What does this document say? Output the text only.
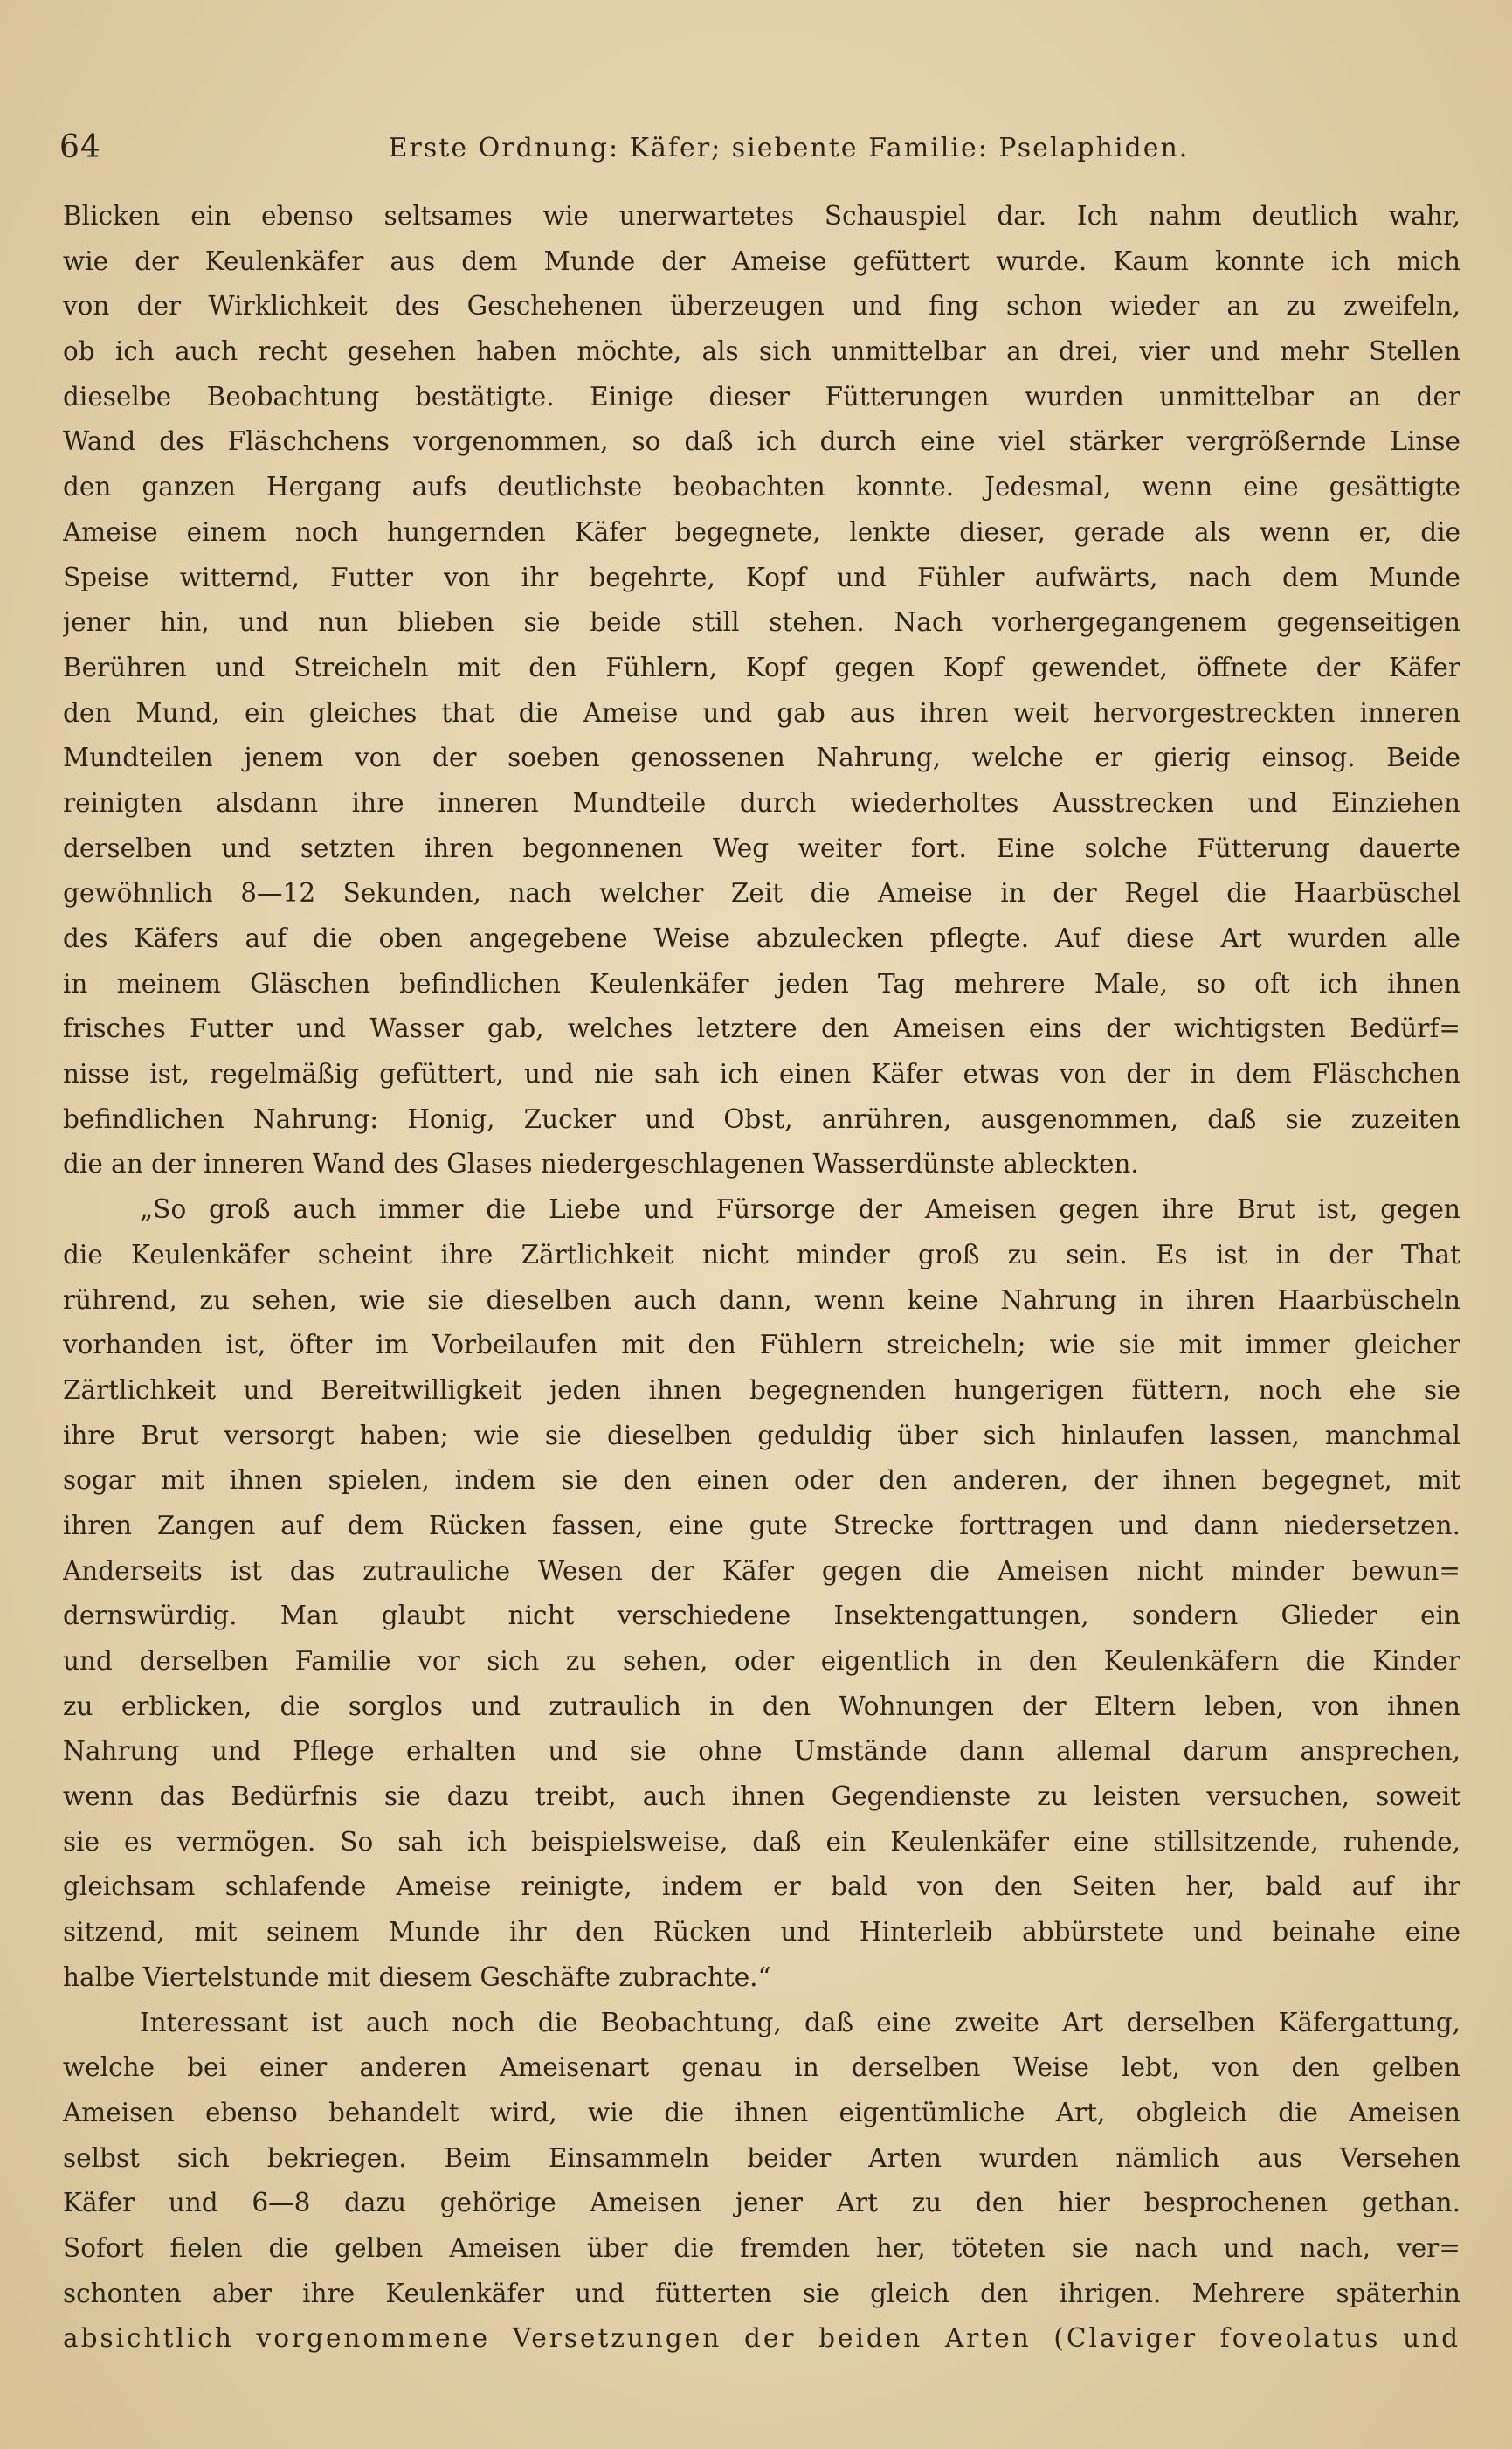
64	Erste Ordnung: Käfer; siebente Familie: Pselaphiden.
Blicken ein ebenso seltsames wie unerwartetes Schauspiel dar. Ich nahm deutlich wahr,
wie der Keulenkäfer aus dem Munde der Ameise gefüttert wurde. Kaum konnte ich mich
von der Wirklichkeit des Geschehenen überzeugen und fing schon wieder an zu zweifeln,
ob ich auch recht gesehen haben möchte, als sich unmittelbar an drei, vier und mehr Stellen
dieselbe Beobachtung bestätigte. Einige dieser Fütterungen wurden unmittelbar an der
Wand des Fläschchens vorgenommen, so daß ich durch eine viel stärker vergrößernde Linse
den ganzen Hergang aufs deutlichste beobachten konnte. Jedesmal, wenn eine gesättigte
Ameise einem noch hungernden Käfer begegnete, lenkte dieser, gerade als wenn er, die
Speise witternd, Futter von ihr begehrte, Kopf und Fühler aufwärts, nach dem Munde
jener hin, und nun blieben sie beide still stehen. Nach vorhergegangenem gegenseitigen
Berühren und Streicheln mit den Fühlern, Kopf gegen Kopf gewendet, öffnete der Käfer
den Mund, ein gleiches that die Ameise und gab aus ihren weit hervorgestreckten inneren
Mundteilen jenem von der soeben genossenen Nahrung, welche er gierig einsog. Beide
reinigten alsdann ihre inneren Mundteile durch wiederholtes Ausstrecken und Einziehen
derselben und setzten ihren begonnenen Weg weiter fort. Eine solche Fütterung dauerte
gewöhnlich 8—12 Sekunden, nach welcher Zeit die Ameise in der Regel die Haarbüschel
des Käfers auf die oben angegebene Weise abzulecken pflegte. Auf diese Art wurden alle
in meinem Gläschen befindlichen Keulenkäfer jeden Tag mehrere Male, so oft ich ihnen
frisches Futter und Wasser gab, welches letztere den Ameisen eins der wichtigsten Bedürf=
nisse ist, regelmäßig gefüttert, und nie sah ich einen Käfer etwas von der in dem Fläschchen
befindlichen Nahrung: Honig, Zucker und Obst, anrühren, ausgenommen, daß sie zuzeiten
die an der inneren Wand des Glases niedergeschlagenen Wasserdünste ableckten.
„So groß auch immer die Liebe und Fürsorge der Ameisen gegen ihre Brut ist, gegen
die Keulenkäfer scheint ihre Zärtlichkeit nicht minder groß zu sein. Es ist in der That
rührend, zu sehen, wie sie dieselben auch dann, wenn keine Nahrung in ihren Haarbüscheln
vorhanden ist, öfter im Vorbeilaufen mit den Fühlern streicheln; wie sie mit immer gleicher
Zärtlichkeit und Bereitwilligkeit jeden ihnen begegnenden hungerigen füttern, noch ehe sie
ihre Brut versorgt haben; wie sie dieselben geduldig über sich hinlaufen lassen, manchmal
sogar mit ihnen spielen, indem sie den einen oder den anderen, der ihnen begegnet, mit
ihren Zangen auf dem Rücken fassen, eine gute Strecke forttragen und dann niedersetzen.
Anderseits ist das zutrauliche Wesen der Käfer gegen die Ameisen nicht minder bewun=
dernswürdig. Man glaubt nicht verschiedene Insektengattungen, sondern Glieder ein
und derselben Familie vor sich zu sehen, oder eigentlich in den Keulenkäfern die Kinder
zu erblicken, die sorglos und zutraulich in den Wohnungen der Eltern leben, von ihnen
Nahrung und Pflege erhalten und sie ohne Umstände dann allemal darum ansprechen,
wenn das Bedürfnis sie dazu treibt, auch ihnen Gegendienste zu leisten versuchen, soweit
sie es vermögen. So sah ich beispielsweise, daß ein Keulenkäfer eine stillsitzende, ruhende,
gleichsam schlafende Ameise reinigte, indem er bald von den Seiten her, bald auf ihr
sitzend, mit seinem Munde ihr den Rücken und Hinterleib abbürstete und beinahe eine
halbe Viertelstunde mit diesem Geschäfte zubrachte.“
Interessant ist auch noch die Beobachtung, daß eine zweite Art derselben Käfergattung,
welche bei einer anderen Ameisenart genau in derselben Weise lebt, von den gelben
Ameisen ebenso behandelt wird, wie die ihnen eigentümliche Art, obgleich die Ameisen
selbst sich bekriegen. Beim Einsammeln beider Arten wurden nämlich aus Versehen
Käfer und 6—8 dazu gehörige Ameisen jener Art zu den hier besprochenen gethan.
Sofort fielen die gelben Ameisen über die fremden her, töteten sie nach und nach, ver=
schonten aber ihre Keulenkäfer und fütterten sie gleich den ihrigen. Mehrere späterhin
absichtlich vorgenommene Versetzungen der beiden Arten (Claviger foveolatus und
